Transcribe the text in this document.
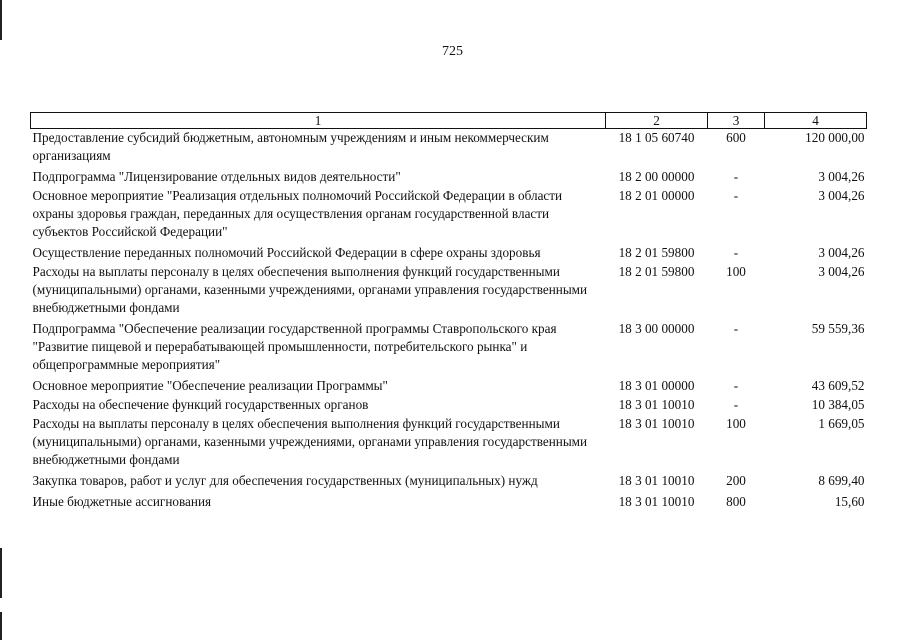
725
1	2	3	4
Предоставление субсидий бюджетным, автономным учреждениям и иным некоммерческим организациям	18 1 05 60740	600	120 000,00
Подпрограмма "Лицензирование отдельных видов деятельности"	18 2 00 00000	-	3 004,26
Основное мероприятие "Реализация отдельных полномочий Российской Федерации в области охраны здоровья граждан, переданных для осуществления органам государственной власти субъектов Российской Федерации"	18 2 01 00000	-	3 004,26
Осуществление переданных полномочий Российской Федерации в сфере охраны здоровья	18 2 01 59800	-	3 004,26
Расходы на выплаты персоналу в целях обеспечения выполнения функций государственными (муниципальными) органами, казенными учреждениями, органами управления государственными внебюджетными фондами	18 2 01 59800	100	3 004,26
Подпрограмма "Обеспечение реализации государственной программы Ставропольского края "Развитие пищевой и перерабатывающей промышленности, потребительского рынка" и общепрограммные мероприятия"	18 3 00 00000	-	59 559,36
Основное мероприятие "Обеспечение реализации Программы"	18 3 01 00000	-	43 609,52
Расходы на обеспечение функций государственных органов	18 3 01 10010	-	10 384,05
Расходы на выплаты персоналу в целях обеспечения выполнения функций государственными (муниципальными) органами, казенными учреждениями, органами управления государственными внебюджетными фондами	18 3 01 10010	100	1 669,05
Закупка товаров, работ и услуг для обеспечения государственных (муниципальных) нужд	18 3 01 10010	200	8 699,40
Иные бюджетные ассигнования	18 3 01 10010	800	15,60
